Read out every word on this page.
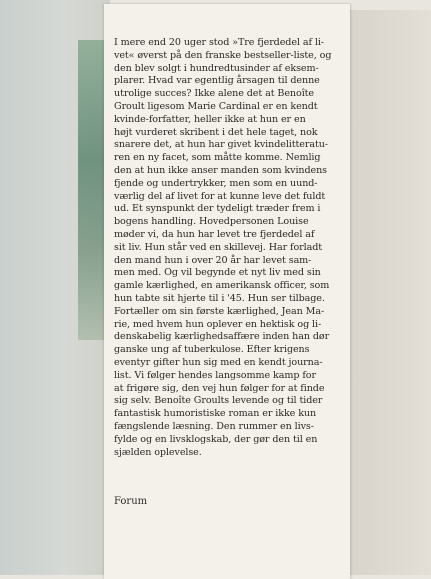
I mere end 20 uger stod »Tre fjerdedel af li-
vet« øverst på den franske bestseller-liste, og
den blev solgt i hundredtusinder af eksem-
plarer. Hvad var egentlig årsagen til denne
utrolige succes? Ikke alene det at Benoîte
Groult ligesom Marie Cardinal er en kendt
kvinde-forfatter, heller ikke at hun er en
højt vurderet skribent i det hele taget, nok
snarere det, at hun har givet kvindelitteratu-
ren en ny facet, som måtte komme. Nemlig
den at hun ikke anser manden som kvindens
fjende og undertrykker, men som en uund-
værlig del af livet for at kunne leve det fuldt
ud. Et synspunkt der tydeligt træder frem i
bogens handling. Hovedpersonen Louise
møder vi, da hun har levet tre fjerdedel af
sit liv. Hun står ved en skillevej. Har forladt
den mand hun i over 20 år har levet sam-
men med. Og vil begynde et nyt liv med sin
gamle kærlighed, en amerikansk officer, som
hun tabte sit hjerte til i '45. Hun ser tilbage.
Fortæller om sin første kærlighed, Jean Ma-
rie, med hvem hun oplever en hektisk og li-
denskabelig kærlighedsaffære inden han dør
ganske ung af tuberkulose. Efter krigens
eventyr gifter hun sig med en kendt journa-
list. Vi følger hendes langsomme kamp for
at frigøre sig, den vej hun følger for at finde
sig selv. Benoîte Groults levende og til tider
fantastisk humoristiske roman er ikke kun
fængslende læsning. Den rummer en livs-
fylde og en livsklogskab, der gør den til en
sjælden oplevelse.
Forum
